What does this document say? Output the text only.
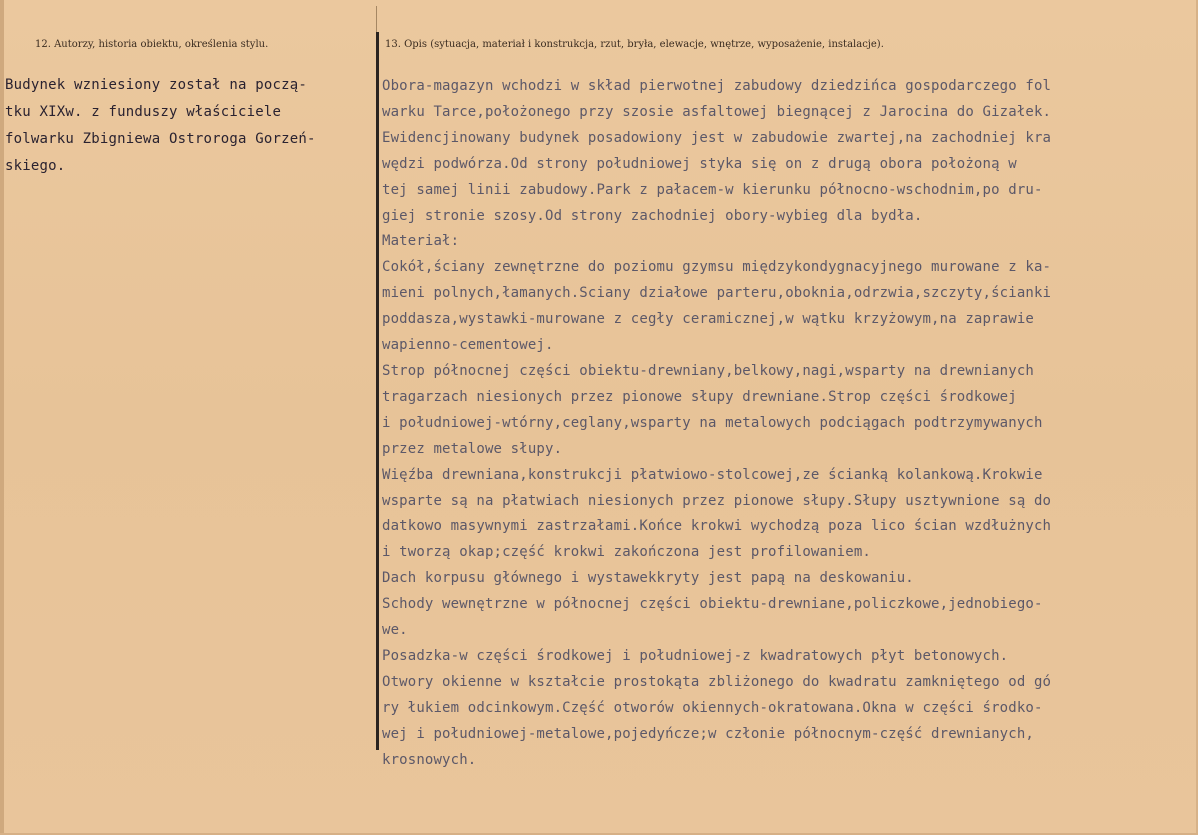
12. Autorzy, historia obiektu, określenia stylu.	13. Opis (sytuacja, materiał i konstrukcja, rzut, bryła, elewacje, wnętrze, wyposażenie, instalacje).
Budynek wzniesiony został na począ-
tku XIXw. z funduszy właściciele
folwarku Zbigniewa Ostroroga Gorzeń-
skiego.
Obora-magazyn wchodzi w skład pierwotnej zabudowy dziedzińca gospodarczego fol
warku Tarce,położonego przy szosie asfaltowej biegnącej z Jarocina do Gizałek.
Ewidencjinowany budynek posadowiony jest w zabudowie zwartej,na zachodniej kra
wędzi podwórza.Od strony południowej styka się on z drugą obora położoną w
tej samej linii zabudowy.Park z pałacem-w kierunku północno-wschodnim,po dru-
giej stronie szosy.Od strony zachodniej obory-wybieg dla bydła.
Materiał:
Cokół,ściany zewnętrzne do poziomu gzymsu międzykondygnacyjnego murowane z ka-
mieni polnych,łamanych.Sciany działowe parteru,obokniа,odrzwia,szczyty,ścianki
poddasza,wystawki-murowane z cegły ceramicznej,w wątku krzyżowym,na zaprawie
wapienno-cementowej.
Strop północnej części obiektu-drewniany,belkowy,nagi,wsparty na drewnianych
tragarzach niesionych przez pionowe słupy drewniane.Strop części środkowej
i południowej-wtórny,ceglany,wsparty na metalowych podciągach podtrzymywanych
przez metalowe słupy.
Więźba drewniana,konstrukcji płatwiowo-stolcowej,ze ścianką kolankową.Krokwie
wsparte są na płatwiach niesionych przez pionowe słupy.Słupy usztywnione są do
datkowo masywnymi zastrzałami.Końce krokwi wychodzą poza lico ścian wzdłużnych
i tworzą okap;część krokwi zakończona jest profilowaniem.
Dach korpusu głównego i wystawekkryty jest papą na deskowaniu.
Schody wewnętrzne w północnej części obiektu-drewniane,policzkowe,jednobiego-
we.
Posadzka-w części środkowej i południowej-z kwadratowych płyt betonowych.
Otwory okienne w kształcie prostokąta zbliżonego do kwadratu zamkniętego od gó
ry łukiem odcinkowym.Część otworów okiennych-okratowana.Okna w części środko-
wej i południowej-metalowe,pojedyńcze;w członie północnym-część drewnianych,
krosnowych.
